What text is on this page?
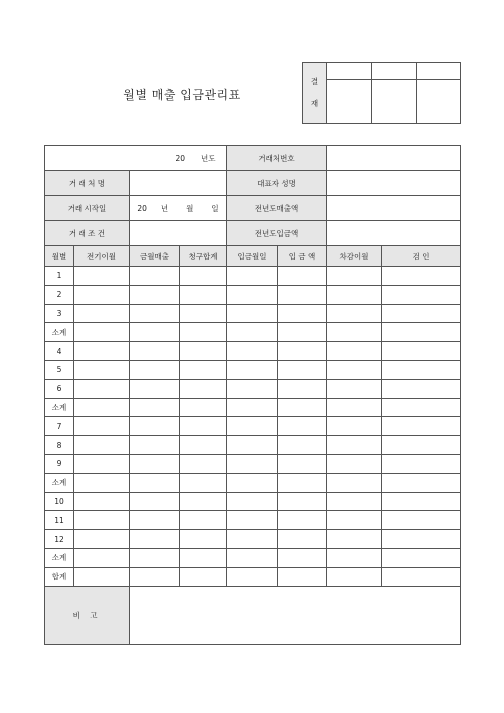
월별 매출 입금관리표
결
재			

20 년도				거래처번호			
거 래 처 명				대표자 성명			
거래 시작일		20 년 월 일		전년도매출액			
거 래 조 건				전년도입금액			
월별	전기이월	금월매출	청구합계	입금월일	입 금 액	차감이월	검 인
1							
2							
3							
소계							
4							
5							
6							
소계							
7							
8							
9							
소계							
10							
11							
12							
소계							
합계							
비 고							
